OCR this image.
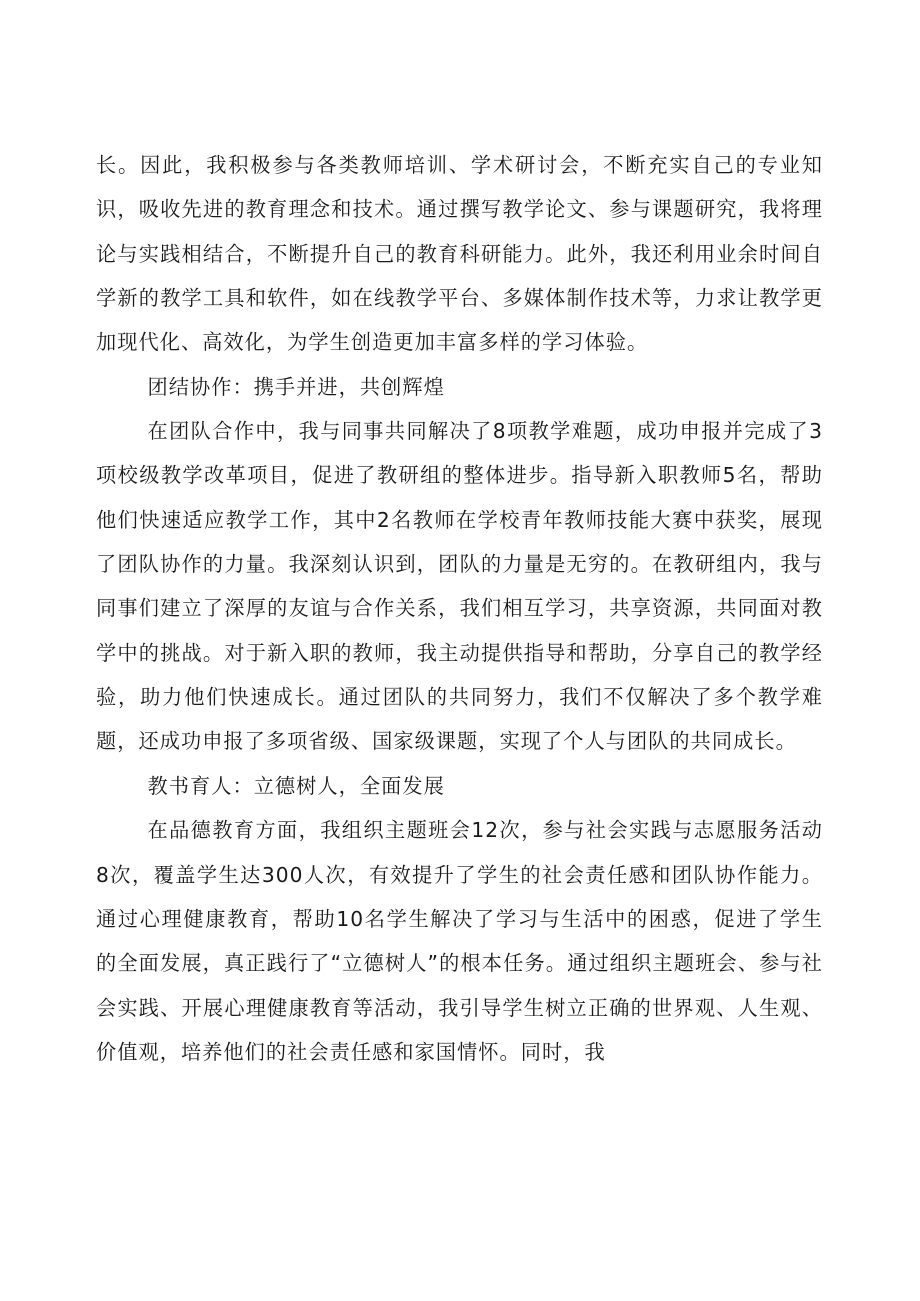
长。因此，我积极参与各类教师培训、学术研讨会，不断充实自己的专业知识，吸收先进的教育理念和技术。通过撰写教学论文、参与课题研究，我将理论与实践相结合，不断提升自己的教育科研能力。此外，我还利用业余时间自学新的教学工具和软件，如在线教学平台、多媒体制作技术等，力求让教学更加现代化、高效化，为学生创造更加丰富多样的学习体验。

团结协作：携手并进，共创辉煌

在团队合作中，我与同事共同解决了8项教学难题，成功申报并完成了3项校级教学改革项目，促进了教研组的整体进步。指导新入职教师5名，帮助他们快速适应教学工作，其中2名教师在学校青年教师技能大赛中获奖，展现了团队协作的力量。我深刻认识到，团队的力量是无穷的。在教研组内，我与同事们建立了深厚的友谊与合作关系，我们相互学习，共享资源，共同面对教学中的挑战。对于新入职的教师，我主动提供指导和帮助，分享自己的教学经验，助力他们快速成长。通过团队的共同努力，我们不仅解决了多个教学难题，还成功申报了多项省级、国家级课题，实现了个人与团队的共同成长。

教书育人：立德树人，全面发展

在品德教育方面，我组织主题班会12次，参与社会实践与志愿服务活动8次，覆盖学生达300人次，有效提升了学生的社会责任感和团队协作能力。通过心理健康教育，帮助10名学生解决了学习与生活中的困惑，促进了学生的全面发展，真正践行了“立德树人”的根本任务。通过组织主题班会、参与社会实践、开展心理健康教育等活动，我引导学生树立正确的世界观、人生观、价值观，培养他们的社会责任感和家国情怀。同时，我
